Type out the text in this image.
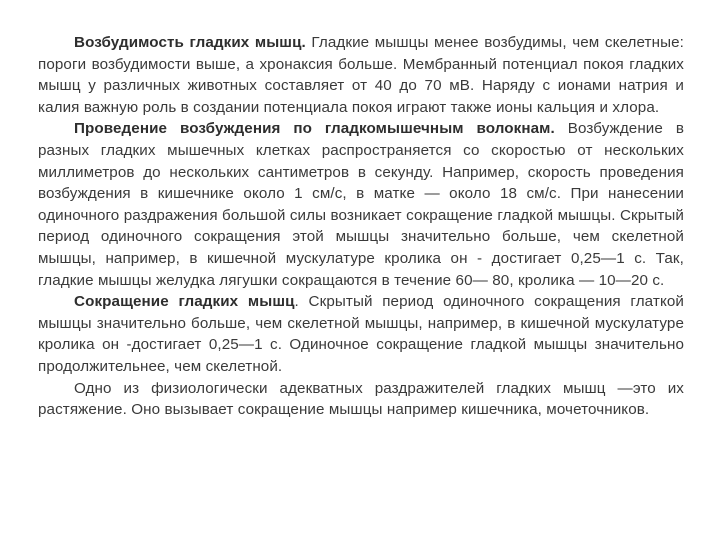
Возбудимость гладких мышц. Гладкие мышцы менее возбудимы, чем скелетные: пороги возбудимости выше, а хронаксия больше. Мембранный потенциал покоя гладких мышц у различных животных составляет от 40 до 70 мВ. Наряду с ионами натрия и калия важную роль в создании потенциала покоя играют также ионы кальция и хлора.

Проведение возбуждения по гладкомышечным волокнам. Возбуждение в разных гладких мышечных клетках распространяется со скоростью от нескольких миллиметров до нескольких сантиметров в секунду. Например, скорость проведения возбуждения в кишечнике около 1 см/с, в матке — около 18 см/с. При нанесении одиночного раздражения большой силы возникает сокращение гладкой мышцы. Скрытый период одиночного сокращения этой мышцы значительно больше, чем скелетной мышцы, например, в кишечной мускулатуре кролика он - достигает 0,25—1 с. Так, гладкие мышцы желудка лягушки сокращаются в течение 60— 80, кролика — 10—20 с.

Сокращение гладких мышц. Скрытый период одиночного сокращения глаткой мышцы значительно больше, чем скелетной мышцы, например, в кишечной мускулатуре кролика он -достигает 0,25—1 с. Одиночное сокращение гладкой мышцы значительно продолжительнее, чем скелетной.

Одно из физиологически адекватных раздражителей гладких мышц —это их растяжение. Оно вызывает сокращение мышцы например кишечника, мочеточников.
